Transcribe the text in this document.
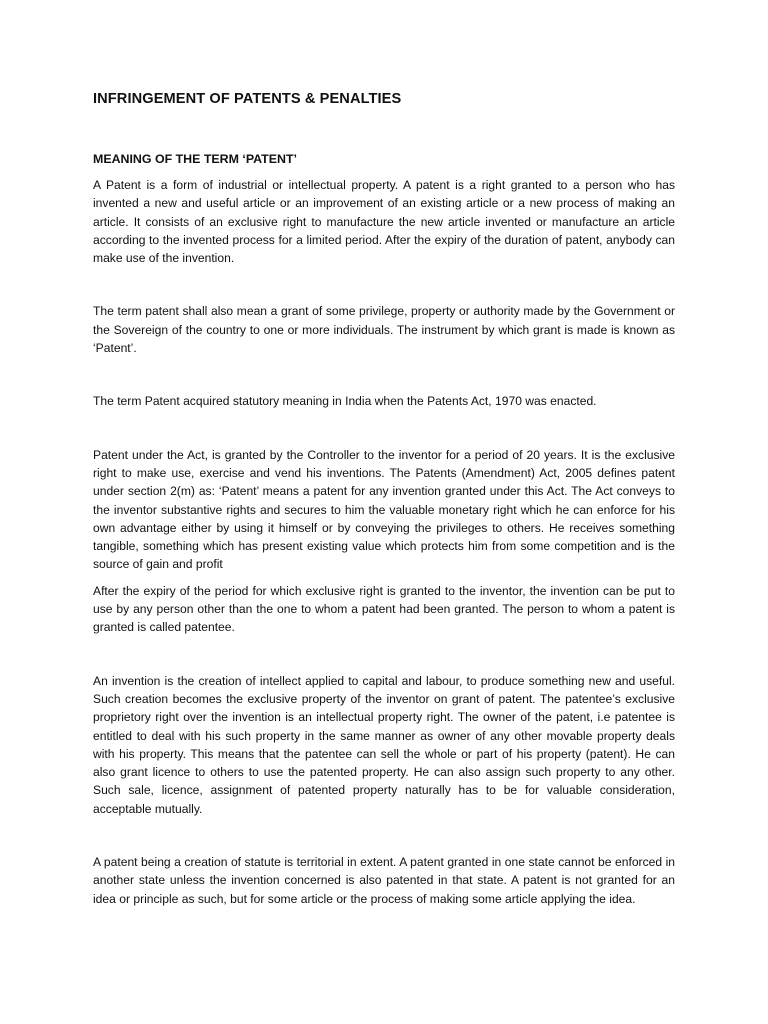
INFRINGEMENT OF PATENTS & PENALTIES
MEANING OF THE TERM ‘PATENT’

A Patent is a form of industrial or intellectual property. A patent is a right granted to a person who has invented a new and useful article or an improvement of an existing article or a new process of making an article. It consists of an exclusive right to manufacture the new article invented or manufacture an article according to the invented process for a limited period. After the expiry of the duration of patent, anybody can make use of the invention.

The term patent shall also mean a grant of some privilege, property or authority made by the Government or the Sovereign of the country to one or more individuals. The instrument by which grant is made is known as ‘Patent’.

The term Patent acquired statutory meaning in India when the Patents Act, 1970 was enacted.

Patent under the Act, is granted by the Controller to the inventor for a period of 20 years. It is the exclusive right to make use, exercise and vend his inventions. The Patents (Amendment) Act, 2005 defines patent under section 2(m) as: ‘Patent’ means a patent for any invention granted under this Act. The Act conveys to the inventor substantive rights and secures to him the valuable monetary right which he can enforce for his own advantage either by using it himself or by conveying the privileges to others. He receives something tangible, something which has present existing value which protects him from some competition and is the source of gain and profit

After the expiry of the period for which exclusive right is granted to the inventor, the invention can be put to use by any person other than the one to whom a patent had been granted. The person to whom a patent is granted is called patentee.

An invention is the creation of intellect applied to capital and labour, to produce something new and useful. Such creation becomes the exclusive property of the inventor on grant of patent. The patentee’s exclusive proprietory right over the invention is an intellectual property right. The owner of the patent, i.e patentee is entitled to deal with his such property in the same manner as owner of any other movable property deals with his property. This means that the patentee can sell the whole or part of his property (patent). He can also grant licence to others to use the patented property. He can also assign such property to any other. Such sale, licence, assignment of patented property naturally has to be for valuable consideration, acceptable mutually.

A patent being a creation of statute is territorial in extent. A patent granted in one state cannot be enforced in another state unless the invention concerned is also patented in that state. A patent is not granted for an idea or principle as such, but for some article or the process of making some article applying the idea.
